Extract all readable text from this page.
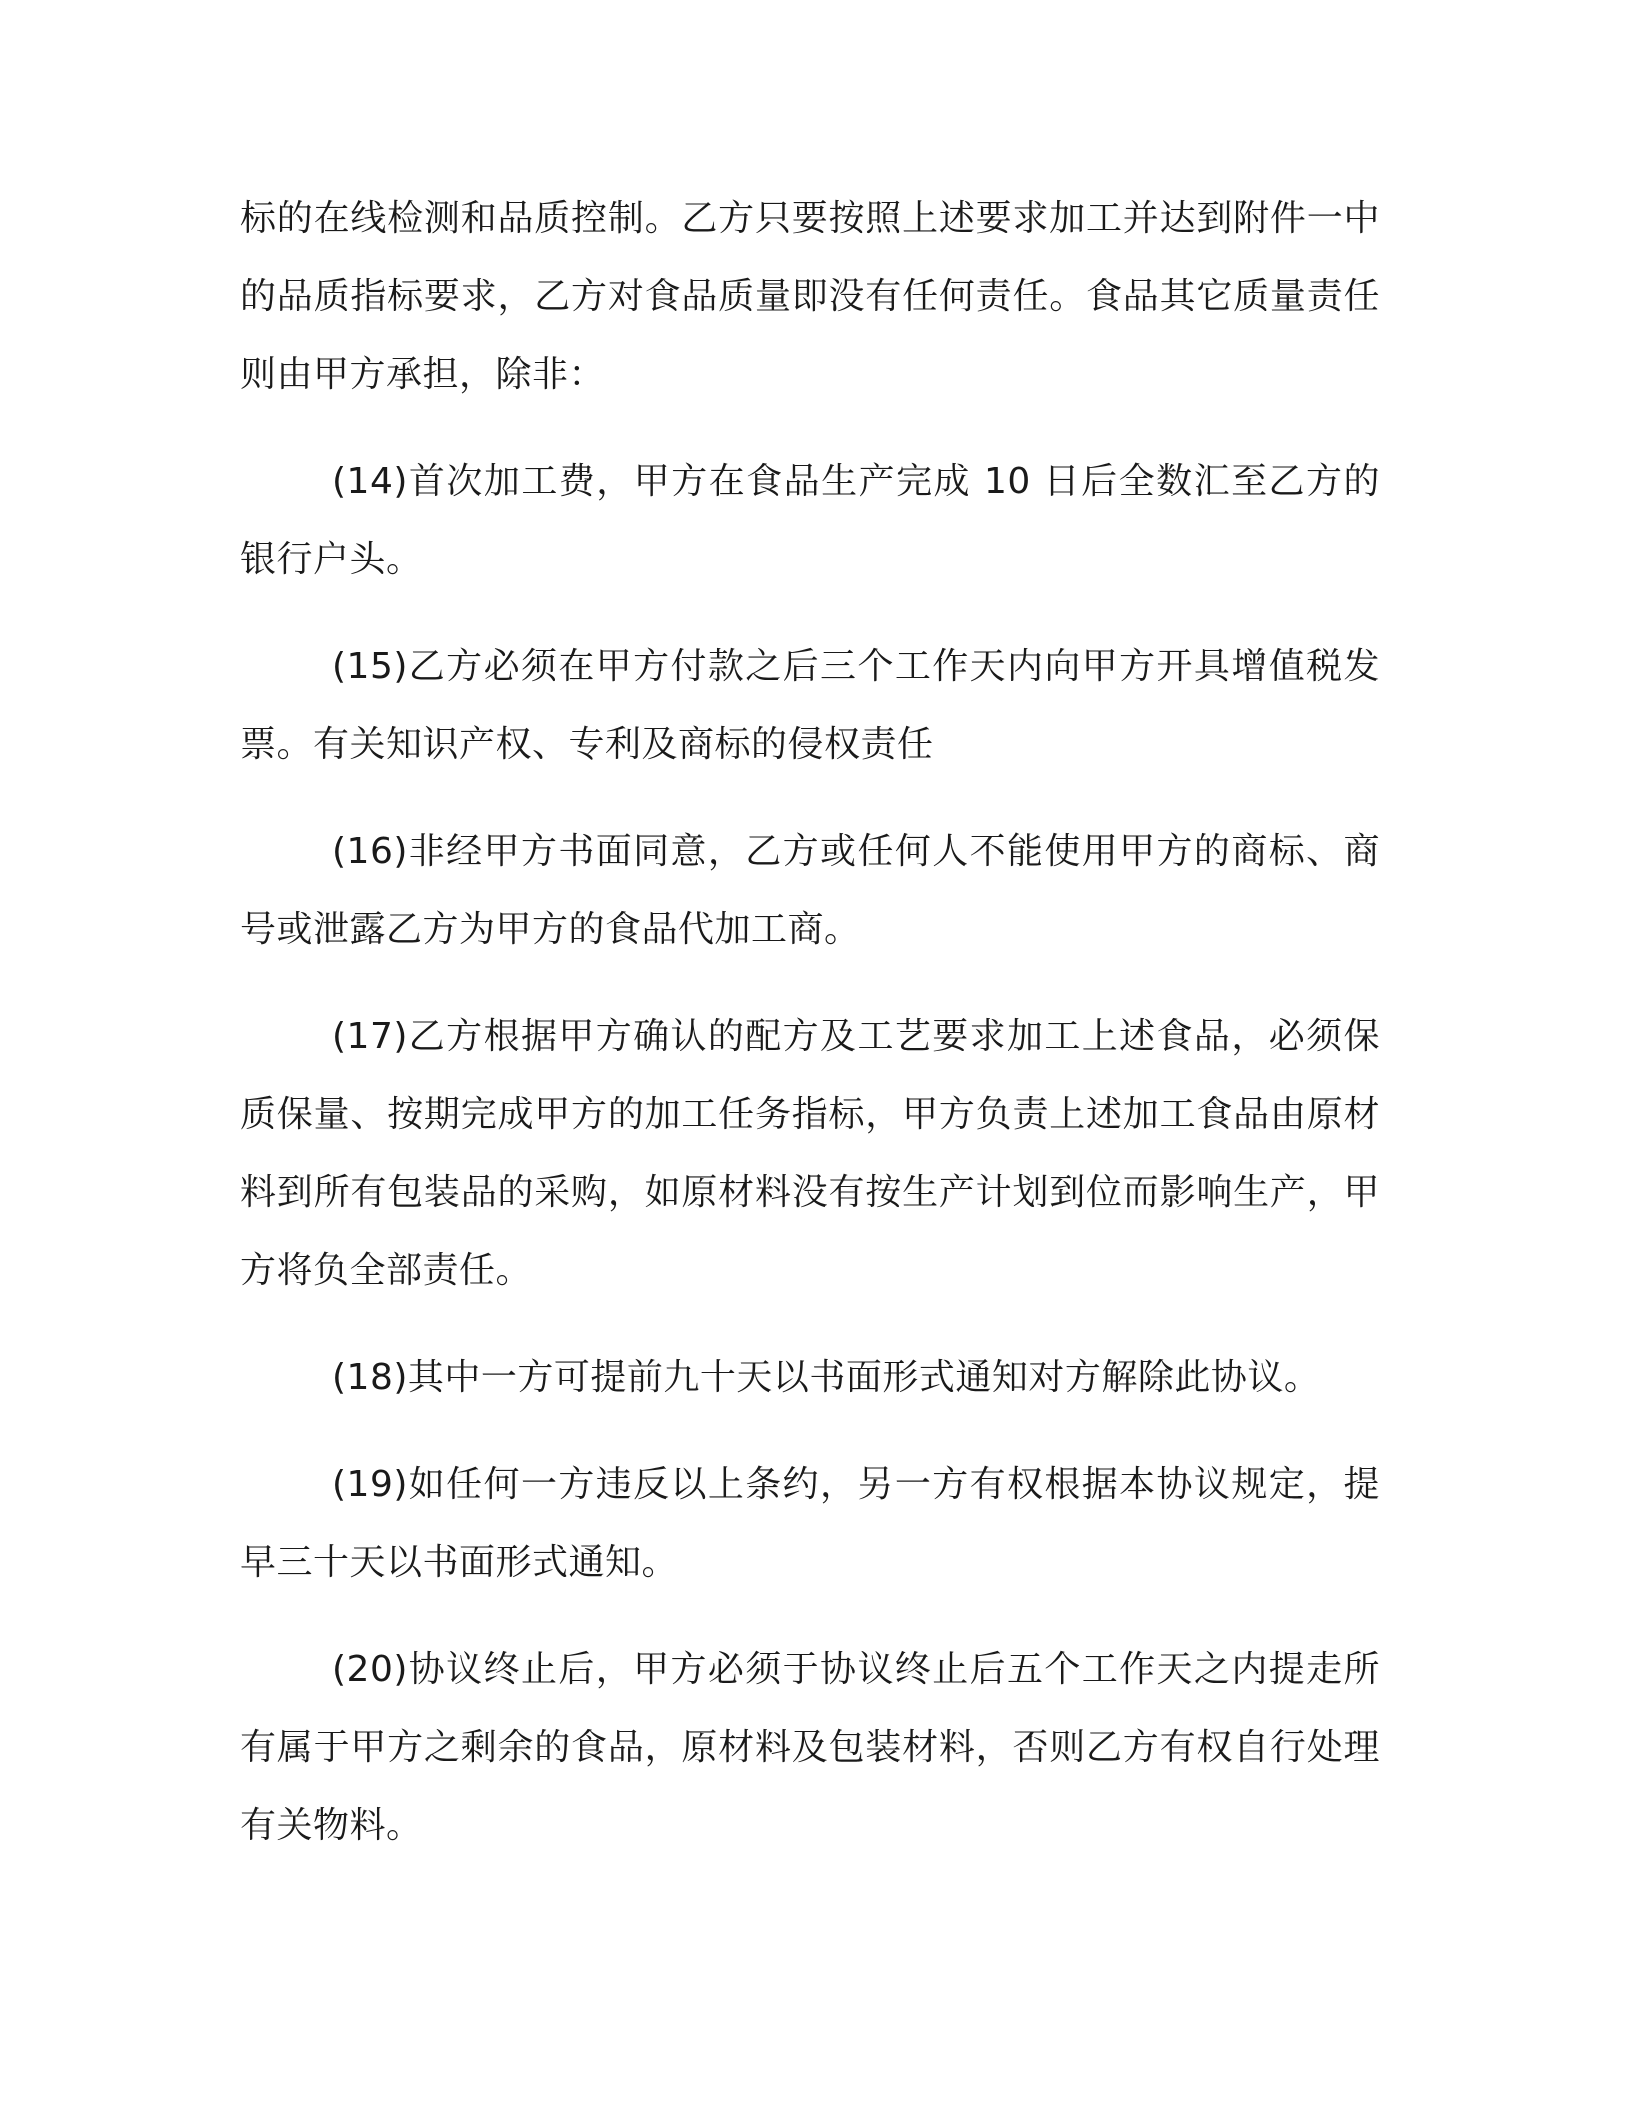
标的在线检测和品质控制。乙方只要按照上述要求加工并达到附件一中的品质指标要求，乙方对食品质量即没有任何责任。食品其它质量责任则由甲方承担，除非：

(14)首次加工费，甲方在食品生产完成 10 日后全数汇至乙方的银行户头。

(15)乙方必须在甲方付款之后三个工作天内向甲方开具增值税发票。有关知识产权、专利及商标的侵权责任

(16)非经甲方书面同意，乙方或任何人不能使用甲方的商标、商号或泄露乙方为甲方的食品代加工商。

(17)乙方根据甲方确认的配方及工艺要求加工上述食品，必须保质保量、按期完成甲方的加工任务指标，甲方负责上述加工食品由原材料到所有包装品的采购，如原材料没有按生产计划到位而影响生产，甲方将负全部责任。

(18)其中一方可提前九十天以书面形式通知对方解除此协议。

(19)如任何一方违反以上条约，另一方有权根据本协议规定，提早三十天以书面形式通知。

(20)协议终止后，甲方必须于协议终止后五个工作天之内提走所有属于甲方之剩余的食品，原材料及包装材料，否则乙方有权自行处理有关物料。
